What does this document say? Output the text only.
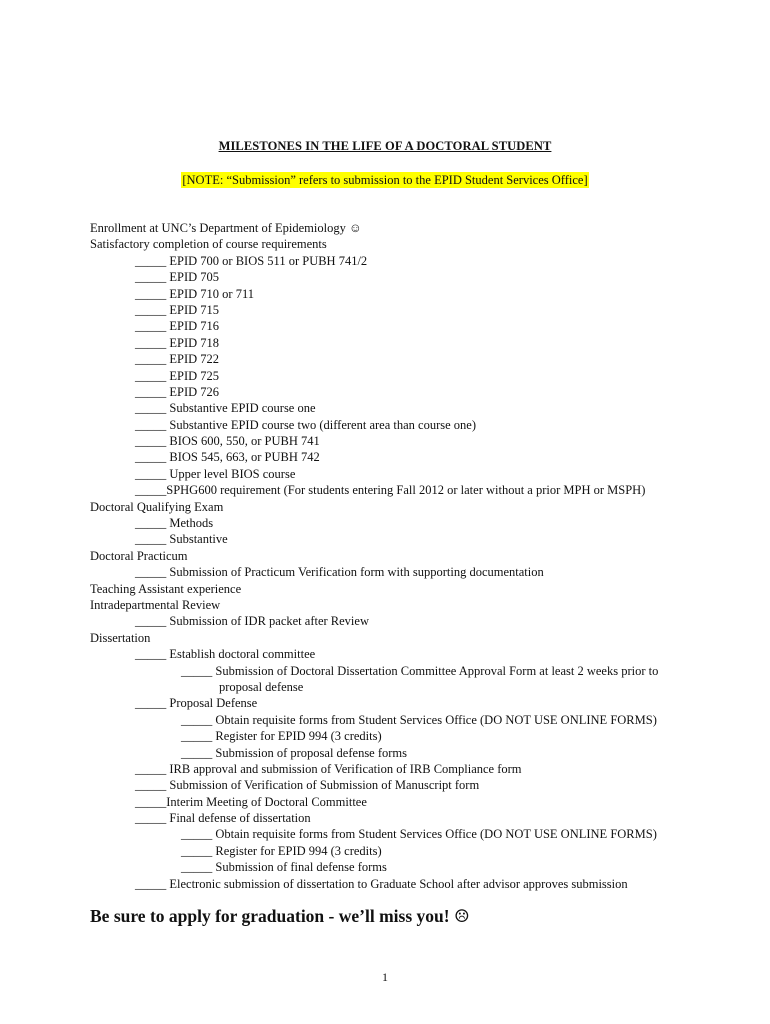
MILESTONES IN THE LIFE OF A DOCTORAL STUDENT
[NOTE: “Submission” refers to submission to the EPID Student Services Office]
Enrollment at UNC’s Department of Epidemiology ☺
Satisfactory completion of course requirements
_____ EPID 700 or BIOS 511 or PUBH 741/2
_____ EPID 705
_____ EPID 710 or 711
_____ EPID 715
_____ EPID 716
_____ EPID 718
_____ EPID 722
_____ EPID 725
_____ EPID 726
_____ Substantive EPID course one
_____ Substantive EPID course two (different area than course one)
_____ BIOS 600, 550, or PUBH 741
_____ BIOS 545, 663, or PUBH 742
_____ Upper level BIOS course
_____SPHG600 requirement (For students entering Fall 2012 or later without a prior MPH or MSPH)
Doctoral Qualifying Exam
_____ Methods
_____ Substantive
Doctoral Practicum
_____ Submission of Practicum Verification form with supporting documentation
Teaching Assistant experience
Intradepartmental Review
_____ Submission of IDR packet after Review
Dissertation
_____ Establish doctoral committee
_____ Submission of Doctoral Dissertation Committee Approval Form at least 2 weeks prior to
proposal defense
_____ Proposal Defense
_____ Obtain requisite forms from Student Services Office (DO NOT USE ONLINE FORMS)
_____ Register for EPID 994 (3 credits)
_____ Submission of proposal defense forms
_____ IRB approval and submission of Verification of IRB Compliance form
_____ Submission of Verification of Submission of Manuscript form
_____Interim Meeting of Doctoral Committee
_____ Final defense of dissertation
_____ Obtain requisite forms from Student Services Office (DO NOT USE ONLINE FORMS)
_____ Register for EPID 994 (3 credits)
_____ Submission of final defense forms
_____ Electronic submission of dissertation to Graduate School after advisor approves submission
Be sure to apply for graduation - we’ll miss you! ☹
1
